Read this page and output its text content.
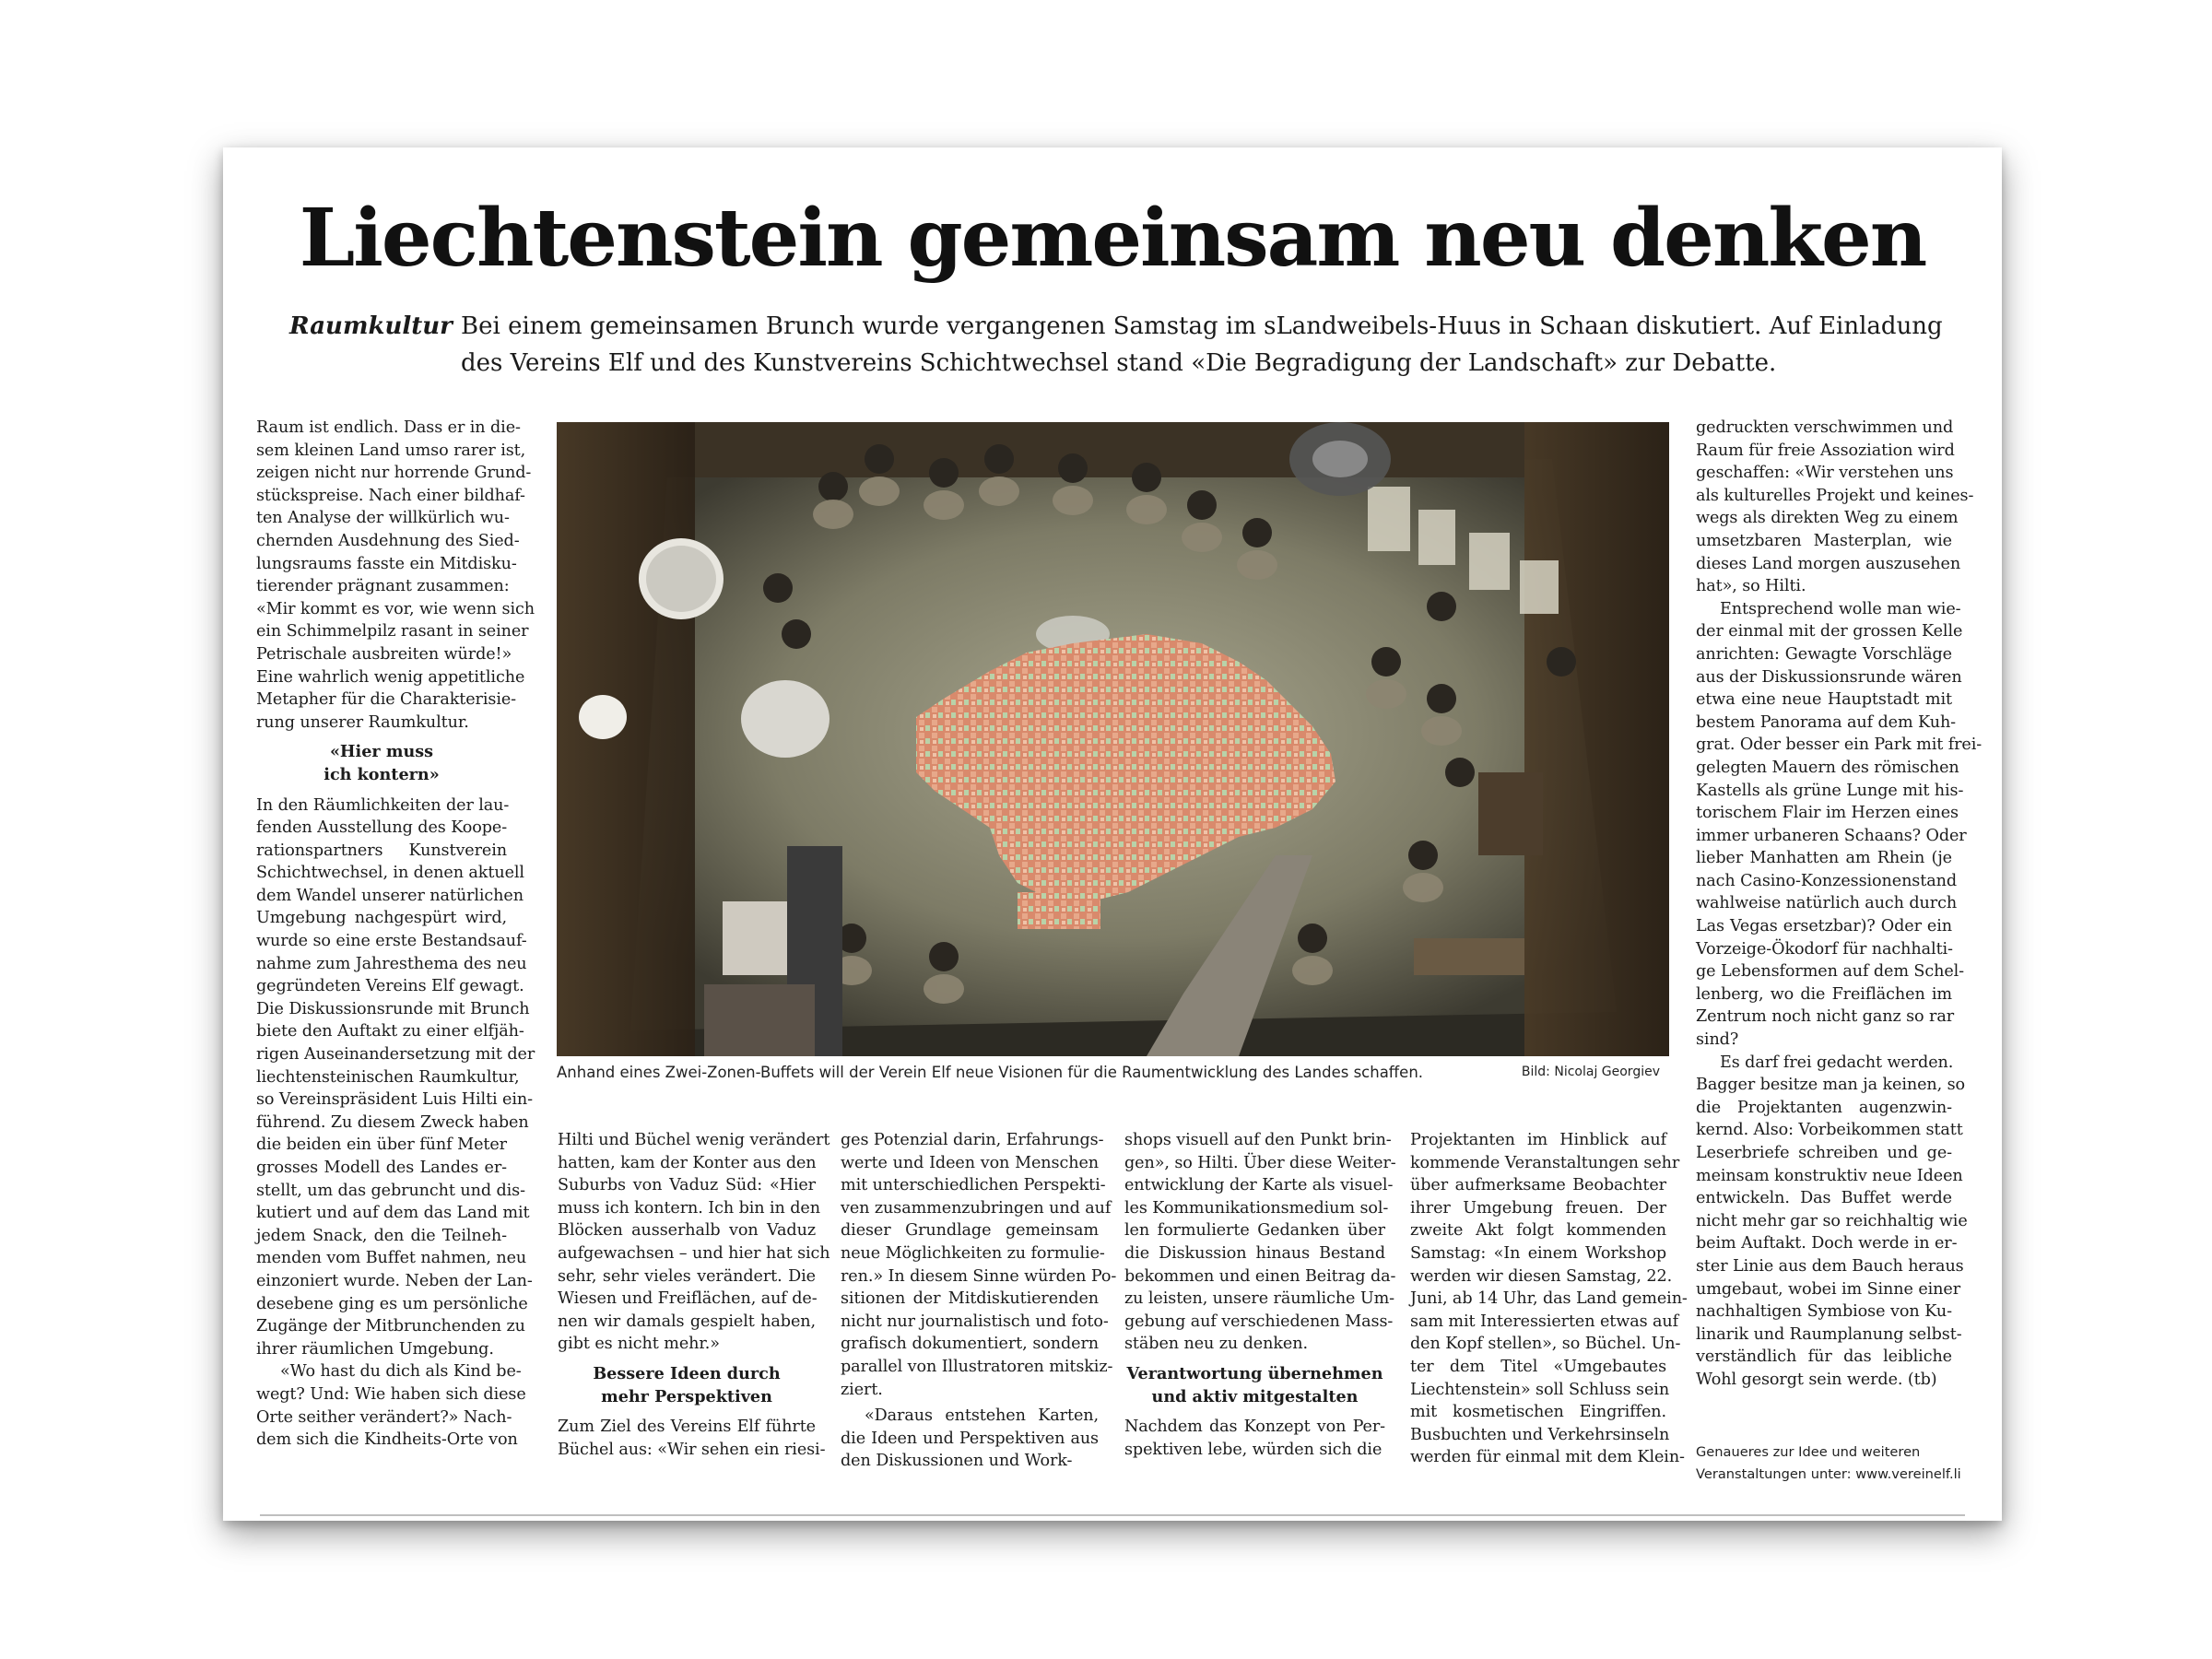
Liechtenstein gemeinsam neu denken
Raumkultur Bei einem gemeinsamen Brunch wurde vergangenen Samstag im sLandweibels-Huus in Schaan diskutiert. Auf Einladung
des Vereins Elf und des Kunstvereins Schichtwechsel stand «Die Begradigung der Landschaft» zur Debatte.
Anhand eines Zwei-Zonen-Buffets will der Verein Elf neue Visionen für die Raumentwicklung des Landes schaffen.	Bild: Nicolaj Georgiev
Raum ist endlich. Dass er in die-
sem kleinen Land umso rarer ist,
zeigen nicht nur horrende Grund-
stückspreise. Nach einer bildhaf-
ten Analyse der willkürlich wu-
chernden Ausdehnung des Sied-
lungsraums fasste ein Mitdisku-
tierender prägnant zusammen:
«Mir kommt es vor, wie wenn sich
ein Schimmelpilz rasant in seiner
Petrischale ausbreiten würde!»
Eine wahrlich wenig appetitliche
Metapher für die Charakterisie-
rung unserer Raumkultur.
«Hier muss
ich kontern»
In den Räumlichkeiten der lau-
fenden Ausstellung des Koope-
rationspartners Kunstverein
Schichtwechsel, in denen aktuell
dem Wandel unserer natürlichen
Umgebung nachgespürt wird,
wurde so eine erste Bestandsauf-
nahme zum Jahresthema des neu
gegründeten Vereins Elf gewagt.
Die Diskussionsrunde mit Brunch
biete den Auftakt zu einer elfjäh-
rigen Auseinandersetzung mit der
liechtensteinischen Raumkultur,
so Vereinspräsident Luis Hilti ein-
führend. Zu diesem Zweck haben
die beiden ein über fünf Meter
grosses Modell des Landes er-
stellt, um das gebruncht und dis-
kutiert und auf dem das Land mit
jedem Snack, den die Teilneh-
menden vom Buffet nahmen, neu
einzoniert wurde. Neben der Lan-
desebene ging es um persönliche
Zugänge der Mitbrunchenden zu
ihrer räumlichen Umgebung.
«Wo hast du dich als Kind be-
wegt? Und: Wie haben sich diese
Orte seither verändert?» Nach-
dem sich die Kindheits-Orte von
Hilti und Büchel wenig verändert
hatten, kam der Konter aus den
Suburbs von Vaduz Süd: «Hier
muss ich kontern. Ich bin in den
Blöcken ausserhalb von Vaduz
aufgewachsen – und hier hat sich
sehr, sehr vieles verändert. Die
Wiesen und Freiflächen, auf de-
nen wir damals gespielt haben,
gibt es nicht mehr.»
Bessere Ideen durch
mehr Perspektiven
Zum Ziel des Vereins Elf führte
Büchel aus: «Wir sehen ein riesi-
ges Potenzial darin, Erfahrungs-
werte und Ideen von Menschen
mit unterschiedlichen Perspekti-
ven zusammenzubringen und auf
dieser Grundlage gemeinsam
neue Möglichkeiten zu formulie-
ren.» In diesem Sinne würden Po-
sitionen der Mitdiskutierenden
nicht nur journalistisch und foto-
grafisch dokumentiert, sondern
parallel von Illustratoren mitskiz-
ziert.
«Daraus entstehen Karten,
die Ideen und Perspektiven aus
den Diskussionen und Work-
shops visuell auf den Punkt brin-
gen», so Hilti. Über diese Weiter-
entwicklung der Karte als visuel-
les Kommunikationsmedium sol-
len formulierte Gedanken über
die Diskussion hinaus Bestand
bekommen und einen Beitrag da-
zu leisten, unsere räumliche Um-
gebung auf verschiedenen Mass-
stäben neu zu denken.
Verantwortung übernehmen
und aktiv mitgestalten
Nachdem das Konzept von Per-
spektiven lebe, würden sich die
Projektanten im Hinblick auf
kommende Veranstaltungen sehr
über aufmerksame Beobachter
ihrer Umgebung freuen. Der
zweite Akt folgt kommenden
Samstag: «In einem Workshop
werden wir diesen Samstag, 22.
Juni, ab 14 Uhr, das Land gemein-
sam mit Interessierten etwas auf
den Kopf stellen», so Büchel. Un-
ter dem Titel «Umgebautes
Liechtenstein» soll Schluss sein
mit kosmetischen Eingriffen.
Busbuchten und Verkehrsinseln
werden für einmal mit dem Klein-
gedruckten verschwimmen und
Raum für freie Assoziation wird
geschaffen: «Wir verstehen uns
als kulturelles Projekt und keines-
wegs als direkten Weg zu einem
umsetzbaren Masterplan, wie
dieses Land morgen auszusehen
hat», so Hilti.
Entsprechend wolle man wie-
der einmal mit der grossen Kelle
anrichten: Gewagte Vorschläge
aus der Diskussionsrunde wären
etwa eine neue Hauptstadt mit
bestem Panorama auf dem Kuh-
grat. Oder besser ein Park mit frei-
gelegten Mauern des römischen
Kastells als grüne Lunge mit his-
torischem Flair im Herzen eines
immer urbaneren Schaans? Oder
lieber Manhatten am Rhein (je
nach Casino-Konzessionenstand
wahlweise natürlich auch durch
Las Vegas ersetzbar)? Oder ein
Vorzeige-Ökodorf für nachhalti-
ge Lebensformen auf dem Schel-
lenberg, wo die Freiflächen im
Zentrum noch nicht ganz so rar
sind?
Es darf frei gedacht werden.
Bagger besitze man ja keinen, so
die Projektanten augenzwin-
kernd. Also: Vorbeikommen statt
Leserbriefe schreiben und ge-
meinsam konstruktiv neue Ideen
entwickeln. Das Buffet werde
nicht mehr gar so reichhaltig wie
beim Auftakt. Doch werde in er-
ster Linie aus dem Bauch heraus
umgebaut, wobei im Sinne einer
nachhaltigen Symbiose von Ku-
linarik und Raumplanung selbst-
verständlich für das leibliche
Wohl gesorgt sein werde. (tb)
Genaueres zur Idee und weiteren
Veranstaltungen unter: www.vereinelf.li
